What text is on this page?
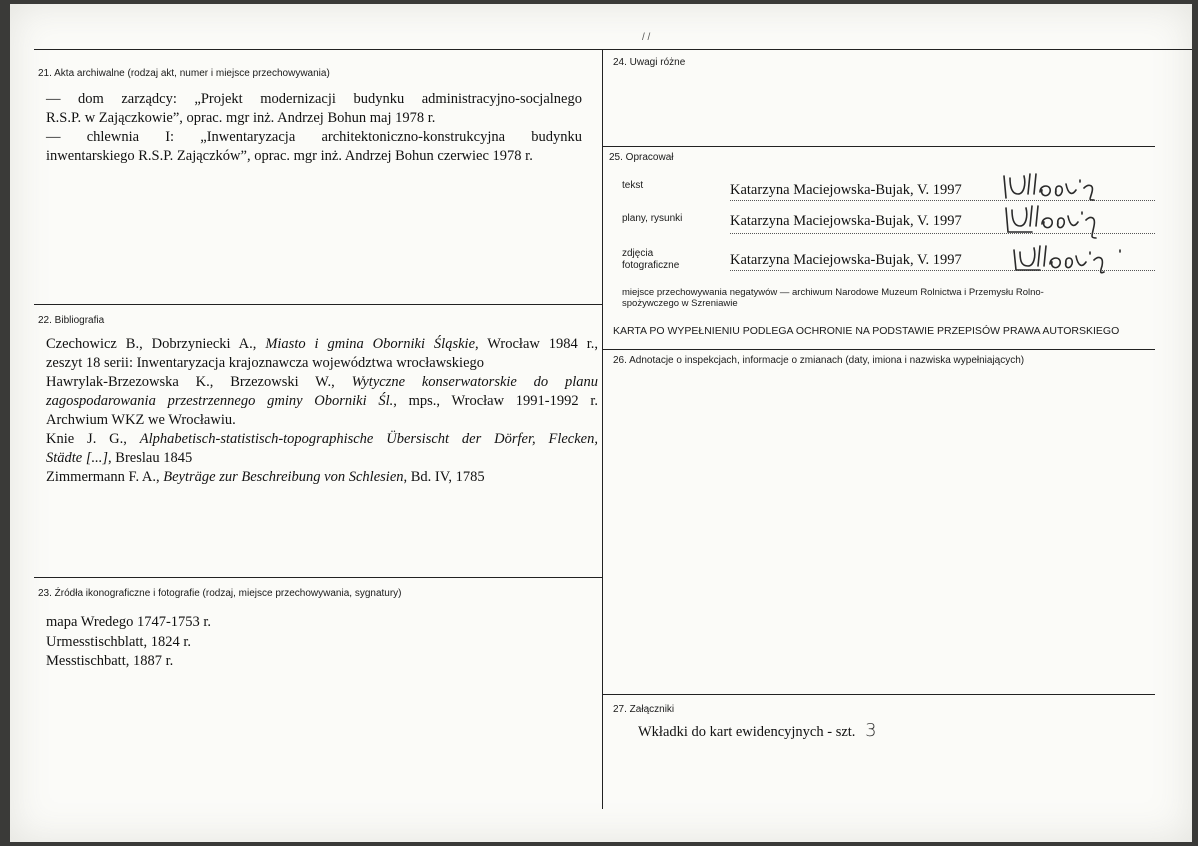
/ /
21. Akta archiwalne (rodzaj akt, numer i miejsce przechowywania)
— dom zarządcy: „Projekt modernizacji budynku administracyjno-socjalnego
R.S.P. w Zajączkowie”, oprac. mgr inż. Andrzej Bohun maj 1978 r.
— chlewnia I: „Inwentaryzacja architektoniczno-konstrukcyjna budynku
inwentarskiego R.S.P. Zajączków”, oprac. mgr inż. Andrzej Bohun czerwiec 1978 r.
22. Bibliografia
Czechowicz B., Dobrzyniecki A., Miasto i gmina Oborniki Śląskie, Wrocław 1984 r.,
zeszyt 18 serii: Inwentaryzacja krajoznawcza województwa wrocławskiego
Hawrylak-Brzezowska K., Brzezowski W., Wytyczne konserwatorskie do planu
zagospodarowania przestrzennego gminy Oborniki Śl., mps., Wrocław 1991-1992 r.
Archwium WKZ we Wrocławiu.
Knie J. G., Alphabetisch-statistisch-topographische Übersischt der Dörfer, Flecken,
Städte [...], Breslau 1845
Zimmermann F. A., Beyträge zur Beschreibung von Schlesien, Bd. IV, 1785
23. Źródła ikonograficzne i fotografie (rodzaj, miejsce przechowywania, sygnatury)
mapa Wredego 1747-1753 r.
Urmesstischblatt, 1824 r.
Messtischbatt, 1887 r.
24. Uwagi różne
25. Opracował
tekst	Katarzyna Maciejowska-Bujak, V. 1997
plany, rysunki	Katarzyna Maciejowska-Bujak, V. 1997
zdjęcia
fotograficzne	Katarzyna Maciejowska-Bujak, V. 1997
miejsce przechowywania negatywów — archiwum Narodowe Muzeum Rolnictwa i Przemysłu Rolno-
spożywczego w Szreniawie
KARTA PO WYPEŁNIENIU PODLEGA OCHRONIE NA PODSTAWIE PRZEPISÓW PRAWA AUTORSKIEGO
26. Adnotacje o inspekcjach, informacje o zmianach (daty, imiona i nazwiska wypełniających)
27. Załączniki
Wkładki do kart ewidencyjnych - szt. 3
